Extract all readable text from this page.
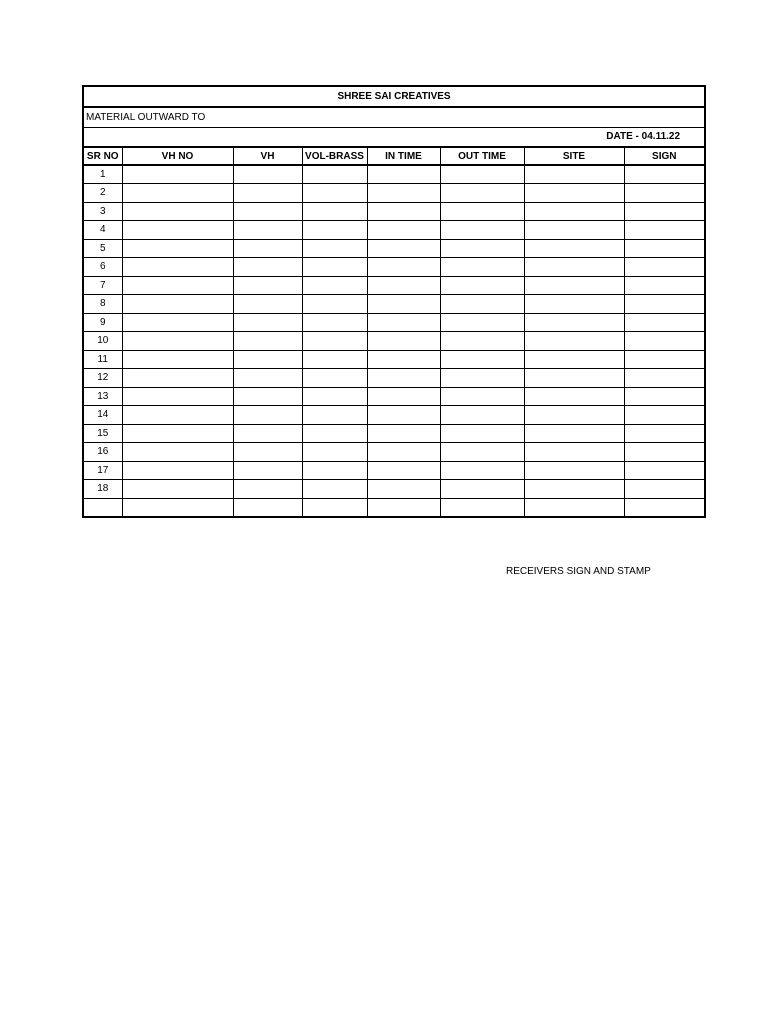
SHREE SAI CREATIVES							
MATERIAL OUTWARD TO							
DATE - 04.11.22							
SR NO	VH NO	VH	VOL-BRASS	IN TIME	OUT TIME	SITE	SIGN
1							
2							
3							
4							
5							
6							
7							
8							
9							
10							
11							
12							
13							
14							
15							
16							
17							
18							

RECEIVERS SIGN AND STAMP
